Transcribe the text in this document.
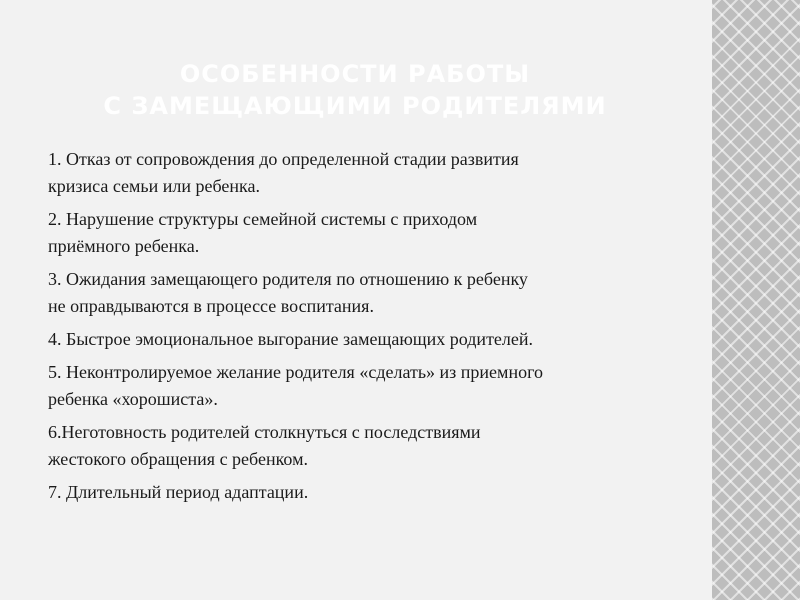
ОСОБЕННОСТИ РАБОТЫ
С ЗАМЕЩАЮЩИМИ РОДИТЕЛЯМИ
1. Отказ от сопровождения до определенной стадии развития
кризиса семьи или ребенка.
2. Нарушение структуры семейной системы с приходом
приёмного ребенка.
3. Ожидания замещающего родителя по отношению к ребенку
не оправдываются в процессе воспитания.
4. Быстрое эмоциональное выгорание замещающих родителей.
5. Неконтролируемое желание родителя «сделать» из приемного
ребенка «хорошиста».
6.Неготовность родителей столкнуться с последствиями
жестокого обращения с ребенком.
7. Длительный период адаптации.
